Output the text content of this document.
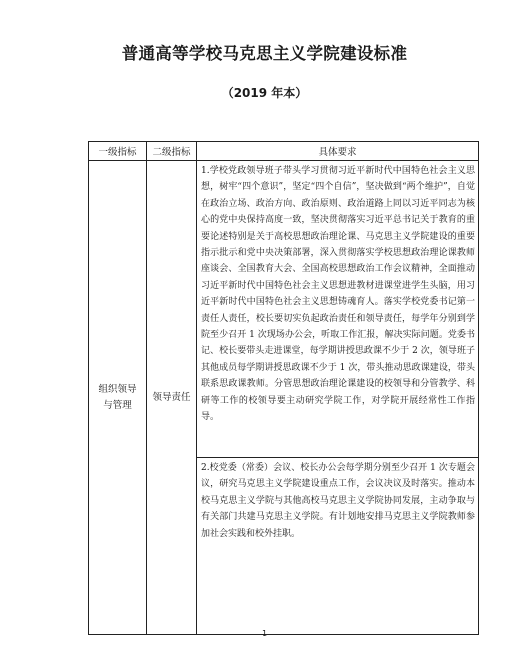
普通高等学校马克思主义学院建设标准
（2019 年本）
一级指标	二级指标	具体要求
组织领导与管理	领导责任	1.学校党政领导班子带头学习贯彻习近平新时代中国特色社会主义思想，树牢“四个意识”，坚定“四个自信”，坚决做到“两个维护”，自觉在政治立场、政治方向、政治原则、政治道路上同以习近平同志为核心的党中央保持高度一致，坚决贯彻落实习近平总书记关于教育的重要论述特别是关于高校思想政治理论课、马克思主义学院建设的重要指示批示和党中央决策部署，深入贯彻落实学校思想政治理论课教师座谈会、全国教育大会、全国高校思想政治工作会议精神，全面推动习近平新时代中国特色社会主义思想进教材进课堂进学生头脑，用习近平新时代中国特色社会主义思想铸魂育人。落实学校党委书记第一责任人责任，校长要切实负起政治责任和领导责任，每学年分别到学院至少召开 1 次现场办公会，听取工作汇报，解决实际问题。党委书记、校长要带头走进课堂，每学期讲授思政课不少于 2 次，领导班子其他成员每学期讲授思政课不少于 1 次，带头推动思政课建设，带头联系思政课教师。分管思想政治理论课建设的校领导和分管教学、科研等工作的校领导要主动研究学院工作，对学院开展经常性工作指导。

		2.校党委（常委）会议、校长办公会每学期分别至少召开 1 次专题会议，研究马克思主义学院建设重点工作，会议决议及时落实。推动本校马克思主义学院与其他高校马克思主义学院协同发展，主动争取与有关部门共建马克思主义学院。有计划地安排马克思主义学院教师参加社会实践和校外挂职。
1
